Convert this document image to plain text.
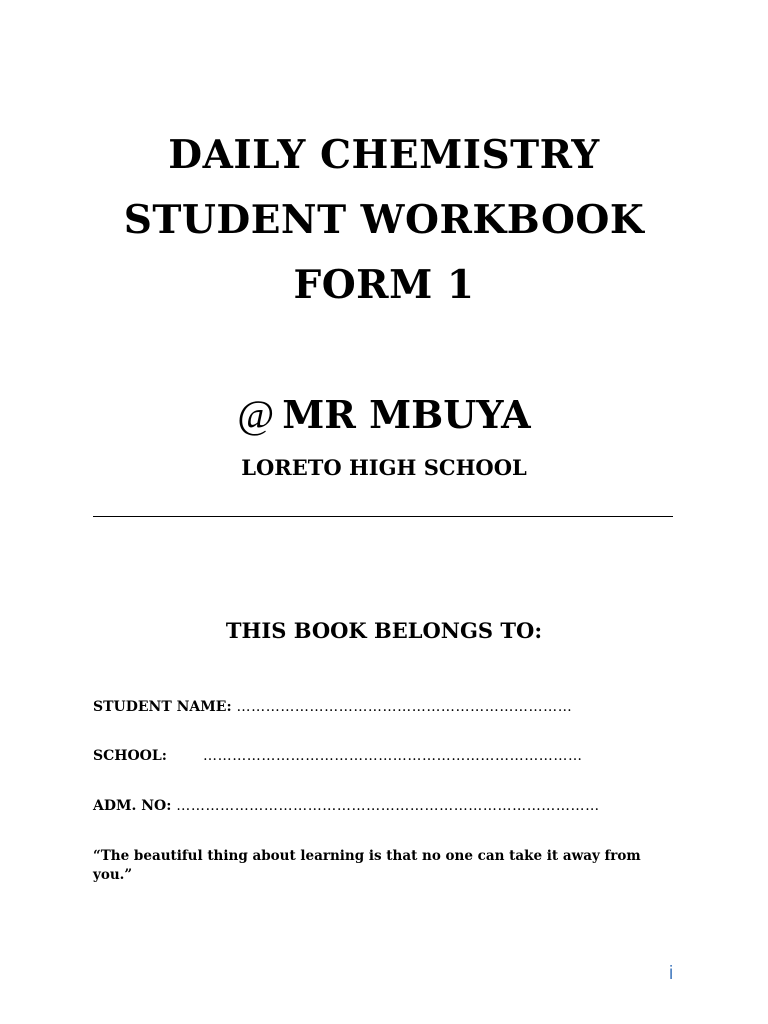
DAILY CHEMISTRY
STUDENT WORKBOOK
FORM 1
@ MR MBUYA
LORETO HIGH SCHOOL
THIS BOOK BELONGS TO:
STUDENT NAME: ……………………………………………………………
SCHOOL:	……………………………………………………………………
ADM. NO: ……………………………………………………………………………
“The beautiful thing about learning is that no one can take it away from you.”
i
